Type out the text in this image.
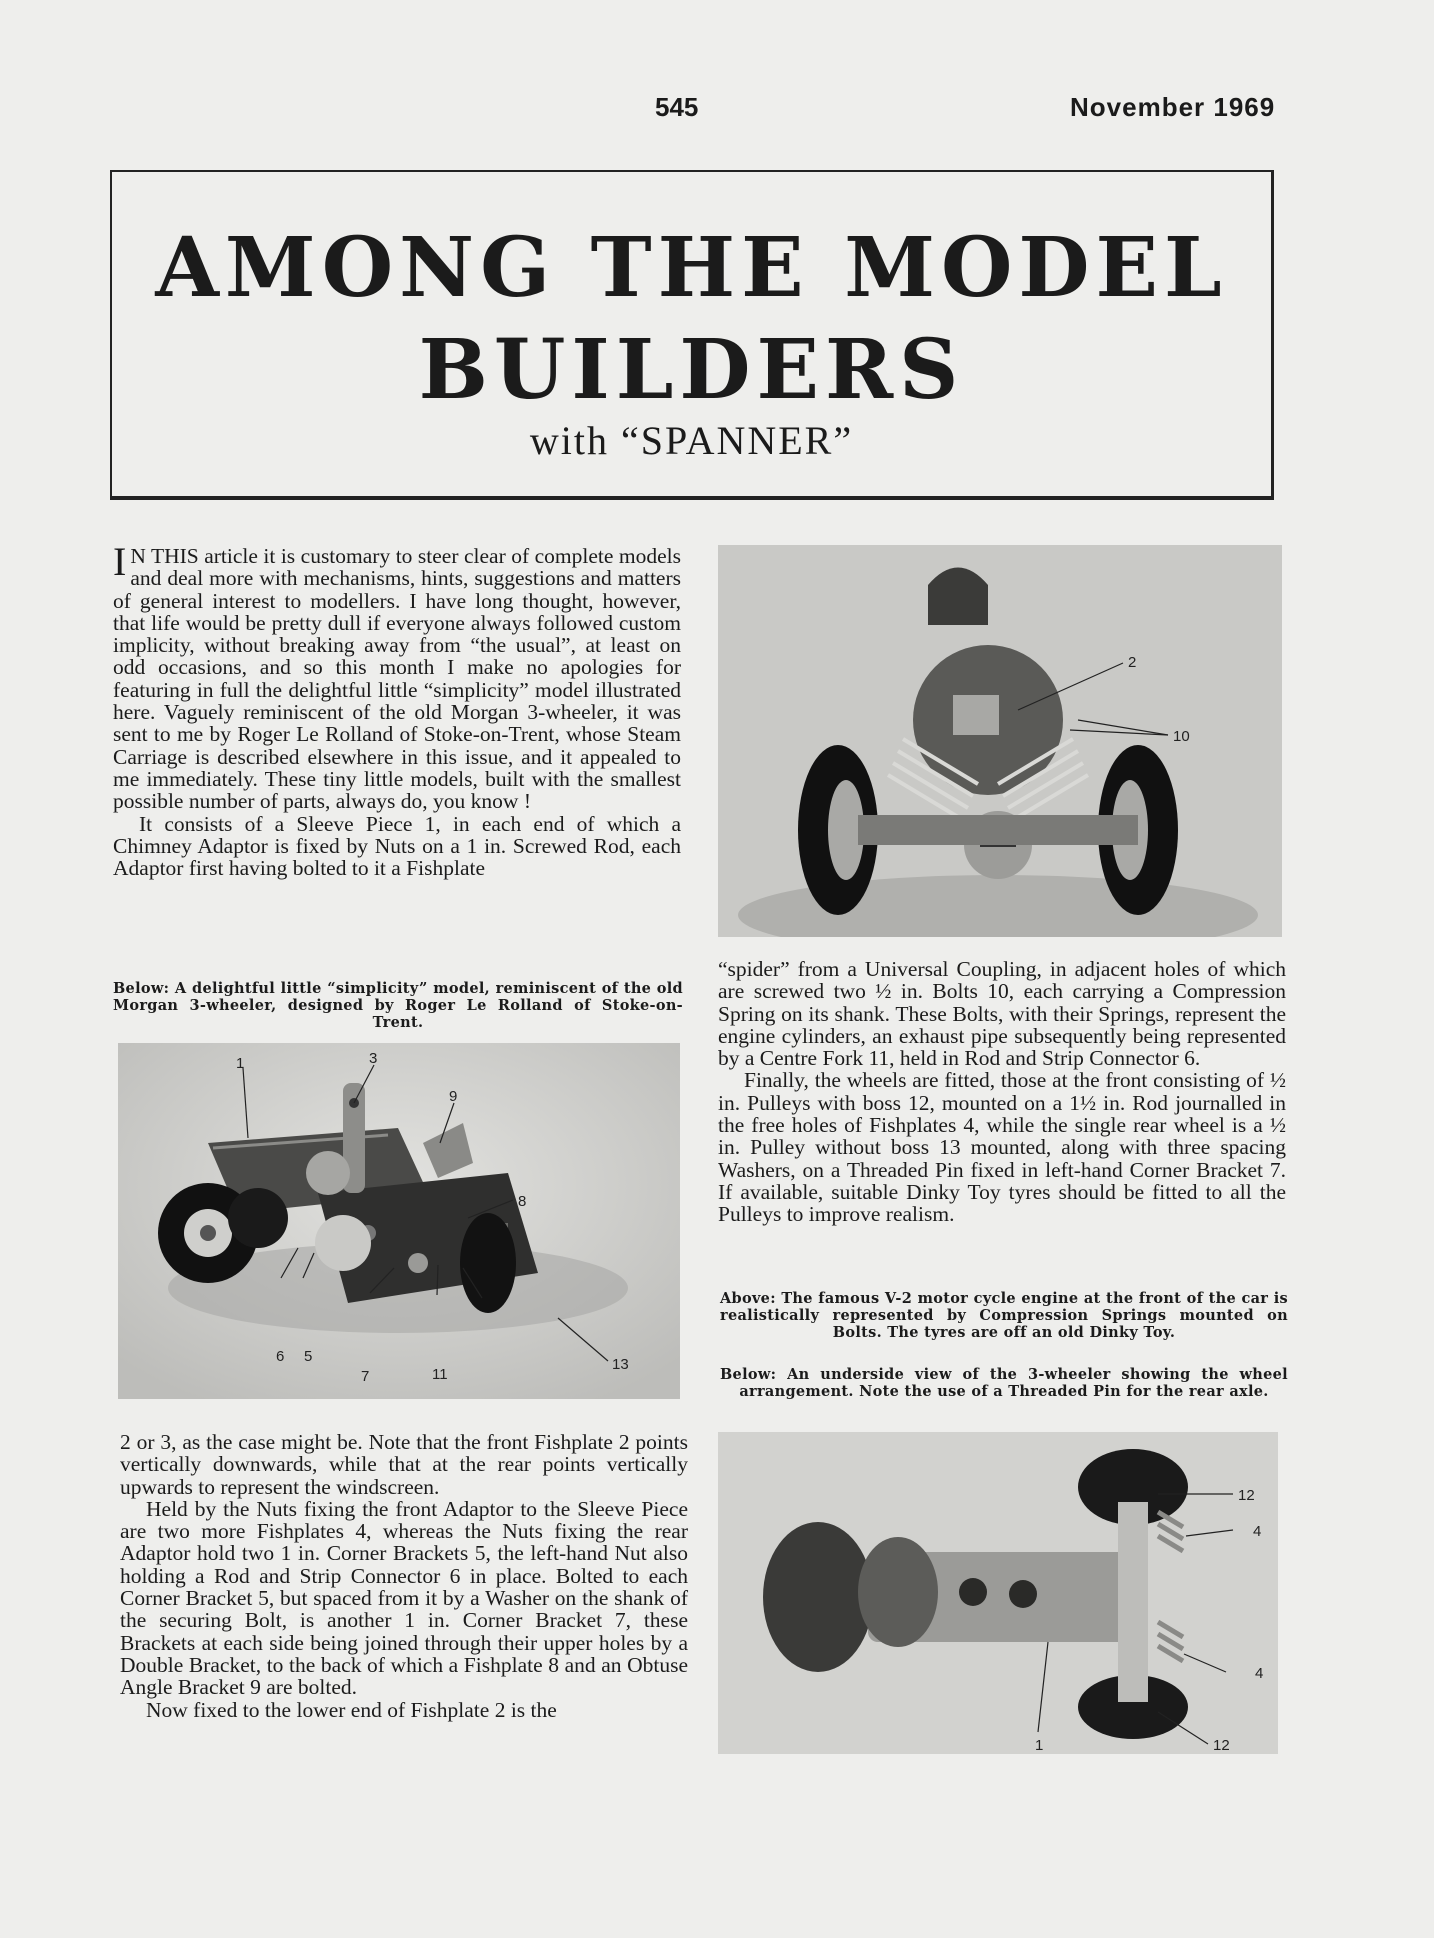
545	November 1969
AMONG THE MODEL
BUILDERS
with “SPANNER”

I N THIS article it is customary to steer clear of complete models and deal more with mechanisms, hints, suggestions and matters of general interest to modellers. I have long thought, however, that life would be pretty dull if everyone always followed custom implicity, without breaking away from “the usual”, at least on odd occasions, and so this month I make no apologies for featuring in full the delightful little “simplicity” model illustrated here. Vaguely reminiscent of the old Morgan 3-wheeler, it was sent to me by Roger Le Rolland of Stoke-on-Trent, whose Steam Carriage is described elsewhere in this issue, and it appealed to me immediately. These tiny little models, built with the smallest possible number of parts, always do, you know !

It consists of a Sleeve Piece 1, in each end of which a Chimney Adaptor is fixed by Nuts on a 1 in. Screwed Rod, each Adaptor first having bolted to it a Fishplate

Below: A delightful little “simplicity” model, reminiscent of the old Morgan 3-wheeler, designed by Roger Le Rolland of Stoke-on-Trent.
1	3
9
8
6 5
7	11
13

2 or 3, as the case might be. Note that the front Fishplate 2 points vertically downwards, while that at the rear points vertically upwards to represent the windscreen.

Held by the Nuts fixing the front Adaptor to the Sleeve Piece are two more Fishplates 4, whereas the Nuts fixing the rear Adaptor hold two 1 in. Corner Brackets 5, the left-hand Nut also holding a Rod and Strip Connector 6 in place. Bolted to each Corner Bracket 5, but spaced from it by a Washer on the shank of the securing Bolt, is another 1 in. Corner Bracket 7, these Brackets at each side being joined through their upper holes by a Double Bracket, to the back of which a Fishplate 8 and an Obtuse Angle Bracket 9 are bolted.

Now fixed to the lower end of Fishplate 2 is the

2
10

“spider” from a Universal Coupling, in adjacent holes of which are screwed two ½ in. Bolts 10, each carrying a Compression Spring on its shank. These Bolts, with their Springs, represent the engine cylinders, an exhaust pipe subsequently being represented by a Centre Fork 11, held in Rod and Strip Connector 6.

Finally, the wheels are fitted, those at the front consisting of ½ in. Pulleys with boss 12, mounted on a 1½ in. Rod journalled in the free holes of Fishplates 4, while the single rear wheel is a ½ in. Pulley without boss 13 mounted, along with three spacing Washers, on a Threaded Pin fixed in left-hand Corner Bracket 7. If available, suitable Dinky Toy tyres should be fitted to all the Pulleys to improve realism.

Above: The famous V-2 motor cycle engine at the front of the car is realistically represented by Compression Springs mounted on Bolts. The tyres are off an old Dinky Toy.
Below: An underside view of the 3-wheeler showing the wheel arrangement. Note the use of a Threaded Pin for the rear axle.
12
4
4
1	12
